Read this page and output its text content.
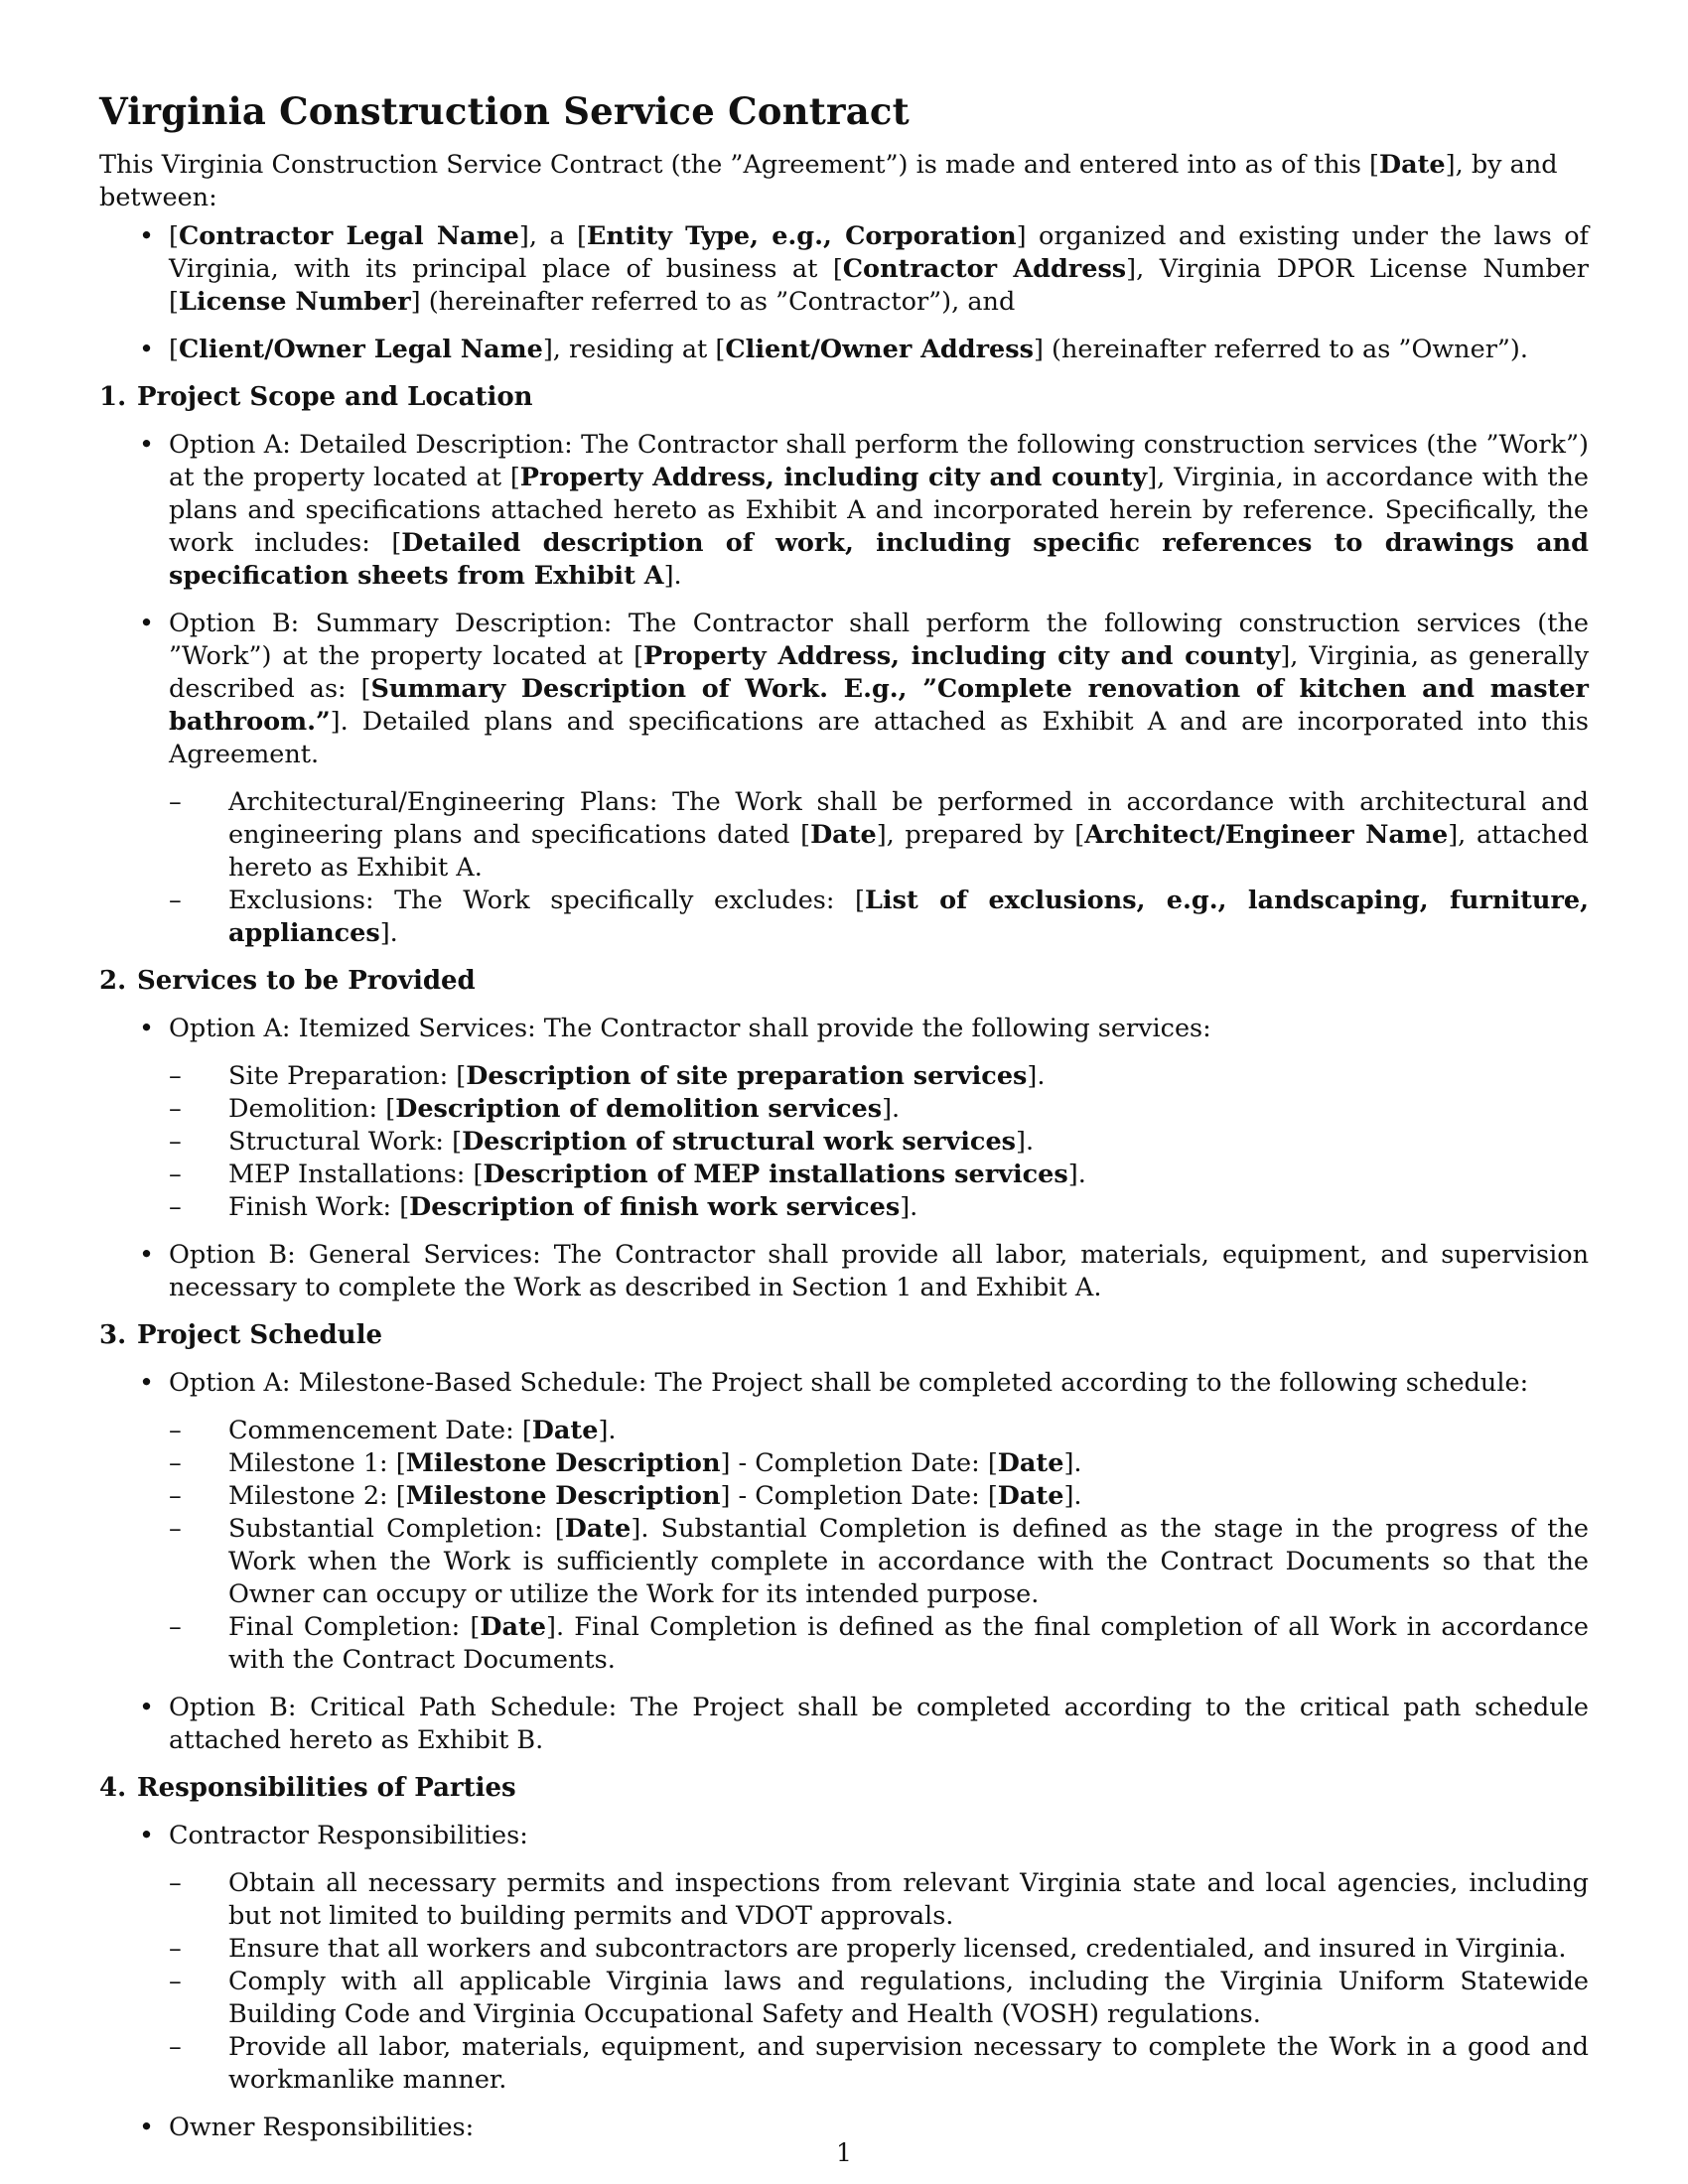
Virginia Construction Service Contract

This Virginia Construction Service Contract (the ”Agreement”) is made and entered into as of this [Date], by and between:

• [Contractor Legal Name], a [Entity Type, e.g., Corporation] organized and existing under the laws of Virginia, with its principal place of business at [Contractor Address], Virginia DPOR License Number [License Number] (hereinafter referred to as ”Contractor”), and
• [Client/Owner Legal Name], residing at [Client/Owner Address] (hereinafter referred to as ”Owner”).
1. Project Scope and Location
• Option A: Detailed Description: The Contractor shall perform the following construction services (the ”Work”) at the property located at [Property Address, including city and county], Virginia, in accordance with the plans and specifications attached hereto as Exhibit A and incorporated herein by reference. Specifically, the work includes: [Detailed description of work, including specific references to drawings and specification sheets from Exhibit A].
• Option B: Summary Description: The Contractor shall perform the following construction services (the ”Work”) at the property located at [Property Address, including city and county], Virginia, as generally described as: [Summary Description of Work. E.g., ”Complete renovation of kitchen and master bathroom.”]. Detailed plans and specifications are attached as Exhibit A and are incorporated into this Agreement.
– Architectural/Engineering Plans: The Work shall be performed in accordance with architectural and engineering plans and specifications dated [Date], prepared by [Architect/Engineer Name], attached hereto as Exhibit A.
– Exclusions: The Work specifically excludes: [List of exclusions, e.g., landscaping, furniture, appliances].
2. Services to be Provided
• Option A: Itemized Services: The Contractor shall provide the following services:
– Site Preparation: [Description of site preparation services].
– Demolition: [Description of demolition services].
– Structural Work: [Description of structural work services].
– MEP Installations: [Description of MEP installations services].
– Finish Work: [Description of finish work services].
• Option B: General Services: The Contractor shall provide all labor, materials, equipment, and supervision necessary to complete the Work as described in Section 1 and Exhibit A.
3. Project Schedule
• Option A: Milestone-Based Schedule: The Project shall be completed according to the following schedule:
– Commencement Date: [Date].
– Milestone 1: [Milestone Description] - Completion Date: [Date].
– Milestone 2: [Milestone Description] - Completion Date: [Date].
– Substantial Completion: [Date]. Substantial Completion is defined as the stage in the progress of the Work when the Work is sufficiently complete in accordance with the Contract Documents so that the Owner can occupy or utilize the Work for its intended purpose.
– Final Completion: [Date]. Final Completion is defined as the final completion of all Work in accordance with the Contract Documents.
• Option B: Critical Path Schedule: The Project shall be completed according to the critical path schedule attached hereto as Exhibit B.
4. Responsibilities of Parties
• Contractor Responsibilities:
– Obtain all necessary permits and inspections from relevant Virginia state and local agencies, including but not limited to building permits and VDOT approvals.
– Ensure that all workers and subcontractors are properly licensed, credentialed, and insured in Virginia.
– Comply with all applicable Virginia laws and regulations, including the Virginia Uniform Statewide Building Code and Virginia Occupational Safety and Health (VOSH) regulations.
– Provide all labor, materials, equipment, and supervision necessary to complete the Work in a good and workmanlike manner.
• Owner Responsibilities:
1
